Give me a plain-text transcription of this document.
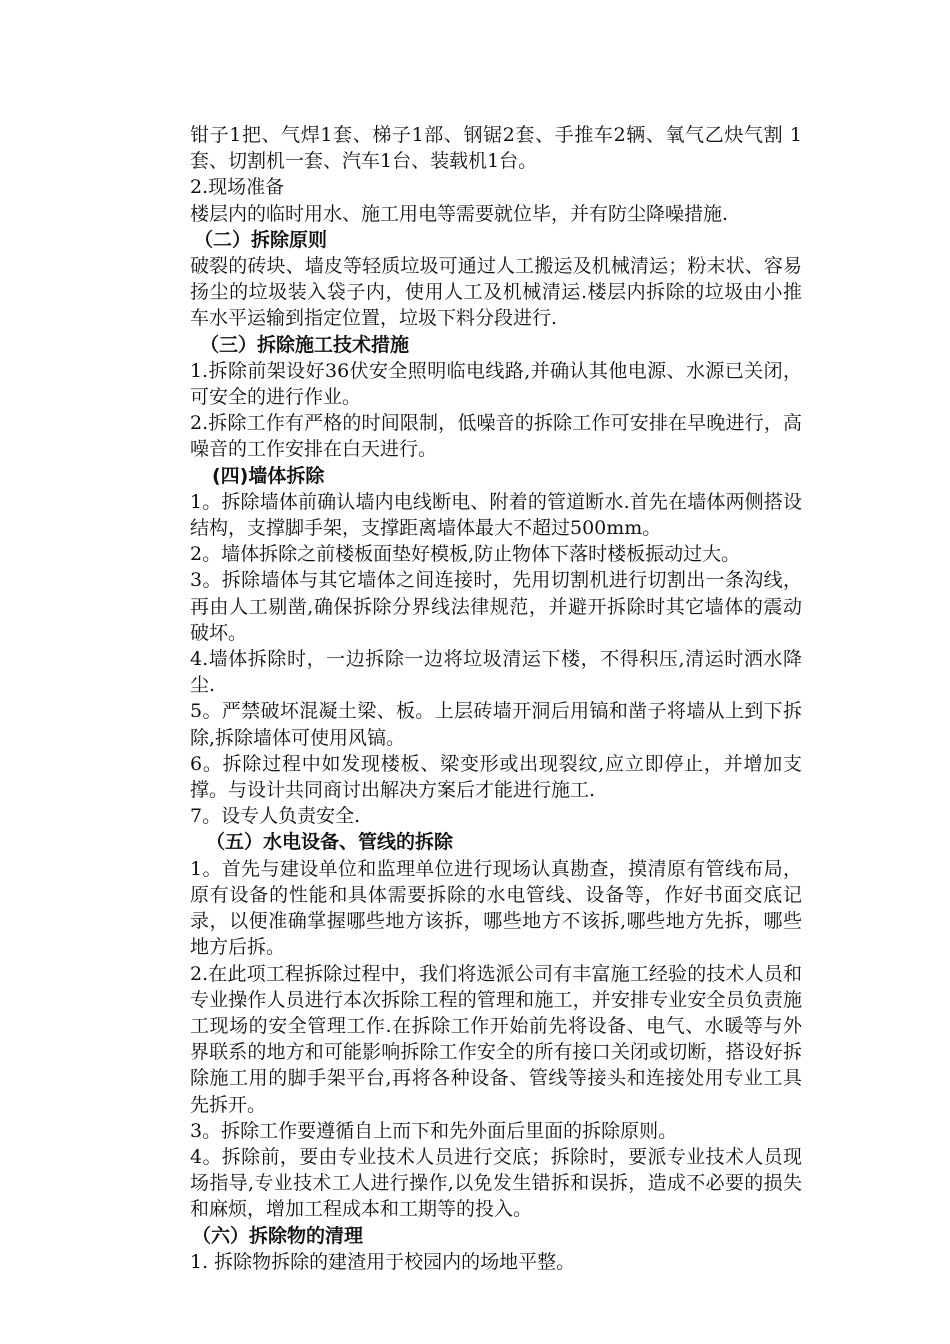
钳子1把、气焊1套、梯子1部、钢锯2套、手推车2辆、氧气乙炔气割 1套、切割机一套、汽车1台、装载机1台。

2.现场准备

楼层内的临时用水、施工用电等需要就位毕，并有防尘降噪措施.

（二）拆除原则

破裂的砖块、墙皮等轻质垃圾可通过人工搬运及机械清运；粉末状、容易扬尘的垃圾装入袋子内，使用人工及机械清运.楼层内拆除的垃圾由小推车水平运输到指定位置，垃圾下料分段进行.

（三）拆除施工技术措施

1.拆除前架设好36伏安全照明临电线路,并确认其他电源、水源已关闭，可安全的进行作业。

2.拆除工作有严格的时间限制，低噪音的拆除工作可安排在早晚进行，高噪音的工作安排在白天进行。

(四)墙体拆除

1。拆除墙体前确认墙内电线断电、附着的管道断水.首先在墙体两侧搭设结构，支撑脚手架，支撑距离墙体最大不超过500mm。

2。墙体拆除之前楼板面垫好模板,防止物体下落时楼板振动过大。

3。拆除墙体与其它墙体之间连接时，先用切割机进行切割出一条沟线，再由人工剔凿,确保拆除分界线法律规范，并避开拆除时其它墙体的震动破坏。

4.墙体拆除时，一边拆除一边将垃圾清运下楼，不得积压,清运时洒水降尘.

5。严禁破坏混凝土梁、板。上层砖墙开洞后用镐和凿子将墙从上到下拆除,拆除墙体可使用风镐。

6。拆除过程中如发现楼板、梁变形或出现裂纹,应立即停止，并增加支撑。与设计共同商讨出解决方案后才能进行施工.

7。设专人负责安全.

（五）水电设备、管线的拆除

1。首先与建设单位和监理单位进行现场认真勘查，摸清原有管线布局，原有设备的性能和具体需要拆除的水电管线、设备等，作好书面交底记录，以便准确掌握哪些地方该拆，哪些地方不该拆,哪些地方先拆，哪些地方后拆。

2.在此项工程拆除过程中，我们将选派公司有丰富施工经验的技术人员和专业操作人员进行本次拆除工程的管理和施工，并安排专业安全员负责施工现场的安全管理工作.在拆除工作开始前先将设备、电气、水暖等与外界联系的地方和可能影响拆除工作安全的所有接口关闭或切断，搭设好拆除施工用的脚手架平台,再将各种设备、管线等接头和连接处用专业工具先拆开。

3。拆除工作要遵循自上而下和先外面后里面的拆除原则。

4。拆除前，要由专业技术人员进行交底；拆除时，要派专业技术人员现场指导,专业技术工人进行操作,以免发生错拆和误拆，造成不必要的损失和麻烦，增加工程成本和工期等的投入。

（六）拆除物的清理

1. 拆除物拆除的建渣用于校园内的场地平整。
